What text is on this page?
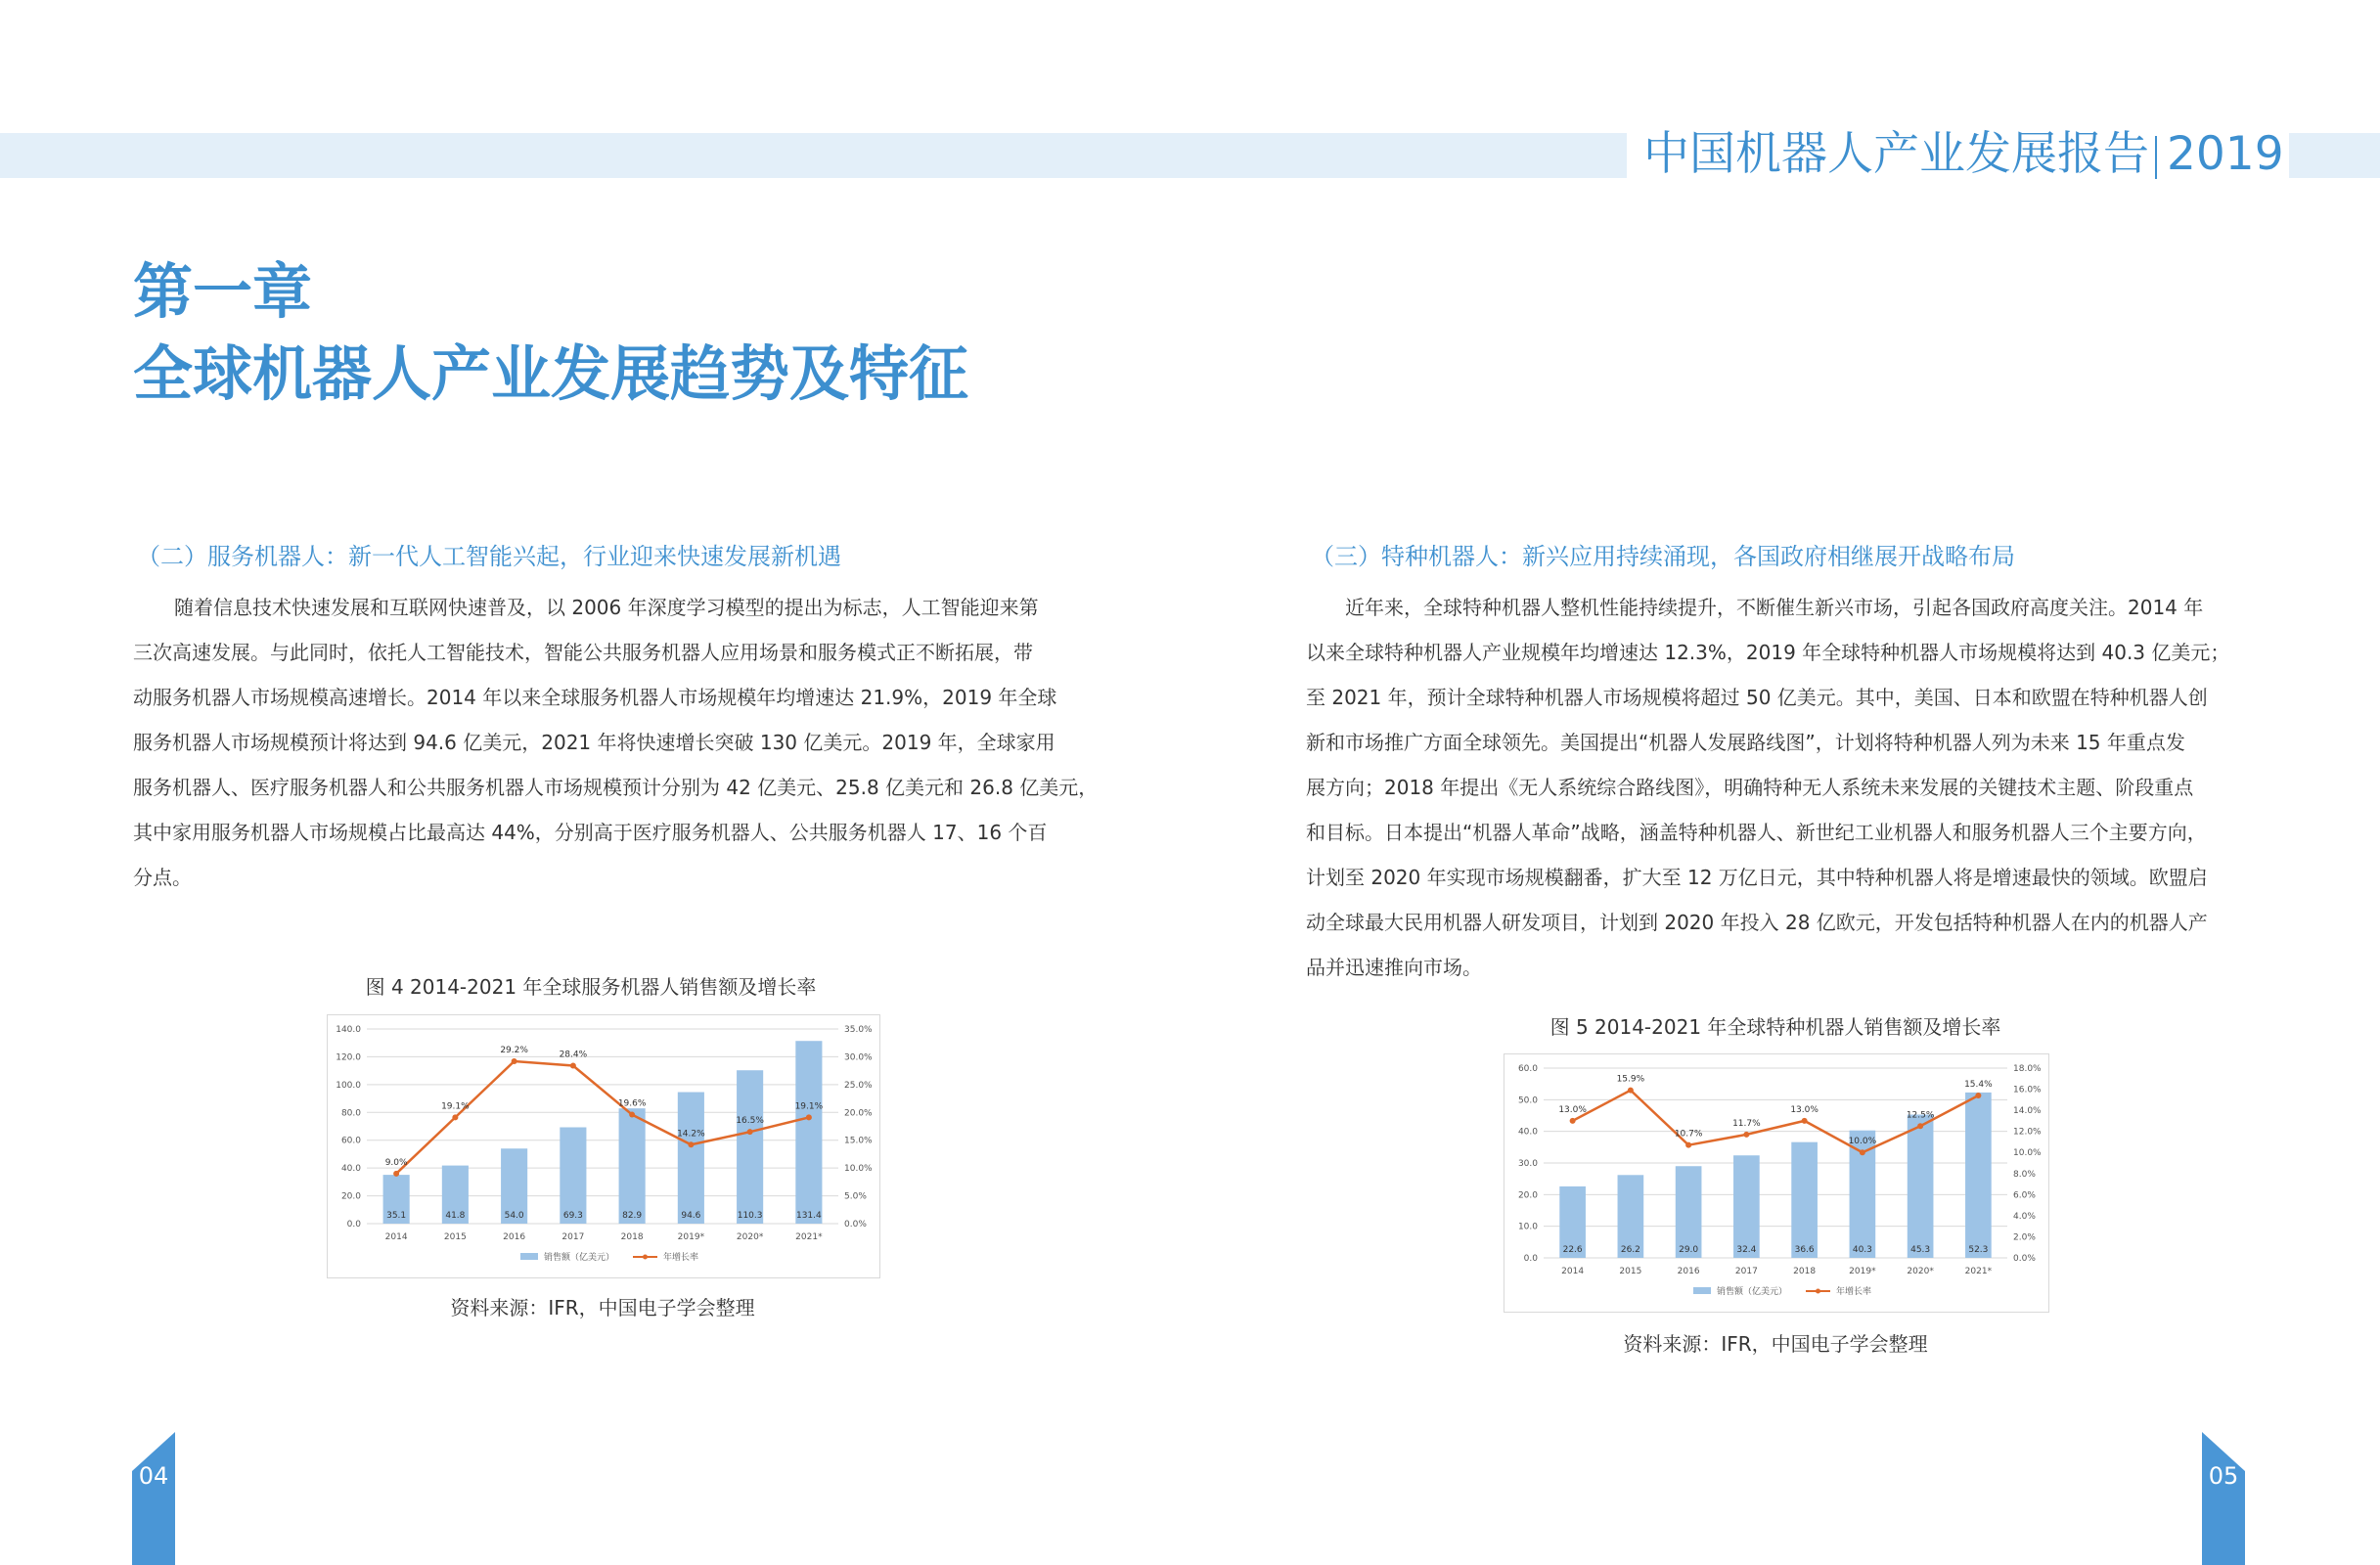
中国机器人产业发展报告 2019
第一章
全球机器人产业发展趋势及特征
（二）服务机器人：新一代人工智能兴起，行业迎来快速发展新机遇
随着信息技术快速发展和互联网快速普及，以 2006 年深度学习模型的提出为标志，人工智能迎来第
三次高速发展。与此同时，依托人工智能技术，智能公共服务机器人应用场景和服务模式正不断拓展，带
动服务机器人市场规模高速增长。2014 年以来全球服务机器人市场规模年均增速达 21.9%，2019 年全球
服务机器人市场规模预计将达到 94.6 亿美元，2021 年将快速增长突破 130 亿美元。2019 年，全球家用
服务机器人、医疗服务机器人和公共服务机器人市场规模预计分别为 42 亿美元、25.8 亿美元和 26.8 亿美元，
其中家用服务机器人市场规模占比最高达 44%，分别高于医疗服务机器人、公共服务机器人 17、16 个百
分点。
图 4 2014-2021 年全球服务机器人销售额及增长率
0.0
20.0
40.0
60.0
80.0
100.0
120.0
140.0
0.0%
5.0%
10.0%
15.0%
20.0%
25.0%
30.0%
35.0%
2014
35.1
2015
41.8
2016
54.0
2017
69.3
2018
82.9
2019*
94.6
2020*
110.3
2021*
131.4
9.0%
19.1%
29.2%	28.4%
19.6%
14.2%
16.5%
19.1%
销售额（亿美元）	年增长率
资料来源：IFR，中国电子学会整理
（三）特种机器人：新兴应用持续涌现，各国政府相继展开战略布局
近年来，全球特种机器人整机性能持续提升，不断催生新兴市场，引起各国政府高度关注。2014 年
以来全球特种机器人产业规模年均增速达 12.3%，2019 年全球特种机器人市场规模将达到 40.3 亿美元；
至 2021 年，预计全球特种机器人市场规模将超过 50 亿美元。其中，美国、日本和欧盟在特种机器人创
新和市场推广方面全球领先。美国提出“机器人发展路线图”，计划将特种机器人列为未来 15 年重点发
展方向；2018 年提出《无人系统综合路线图》，明确特种无人系统未来发展的关键技术主题、阶段重点
和目标。日本提出“机器人革命”战略，涵盖特种机器人、新世纪工业机器人和服务机器人三个主要方向，
计划至 2020 年实现市场规模翻番，扩大至 12 万亿日元，其中特种机器人将是增速最快的领域。欧盟启
动全球最大民用机器人研发项目，计划到 2020 年投入 28 亿欧元，开发包括特种机器人在内的机器人产
品并迅速推向市场。
图 5 2014-2021 年全球特种机器人销售额及增长率
0.0
10.0
20.0
30.0
40.0
50.0
60.0
0.0%
2.0%
4.0%
6.0%
8.0%
10.0%
12.0%
14.0%
16.0%
18.0%
2014
22.6
2015
26.2
2016
29.0
2017
32.4
2018
36.6
2019*
40.3
2020*
45.3
2021*
52.3
13.0%
15.9%
10.7%
11.7%
13.0%
10.0%
12.5%
15.4%
销售额（亿美元）	年增长率
资料来源：IFR，中国电子学会整理
04	05
